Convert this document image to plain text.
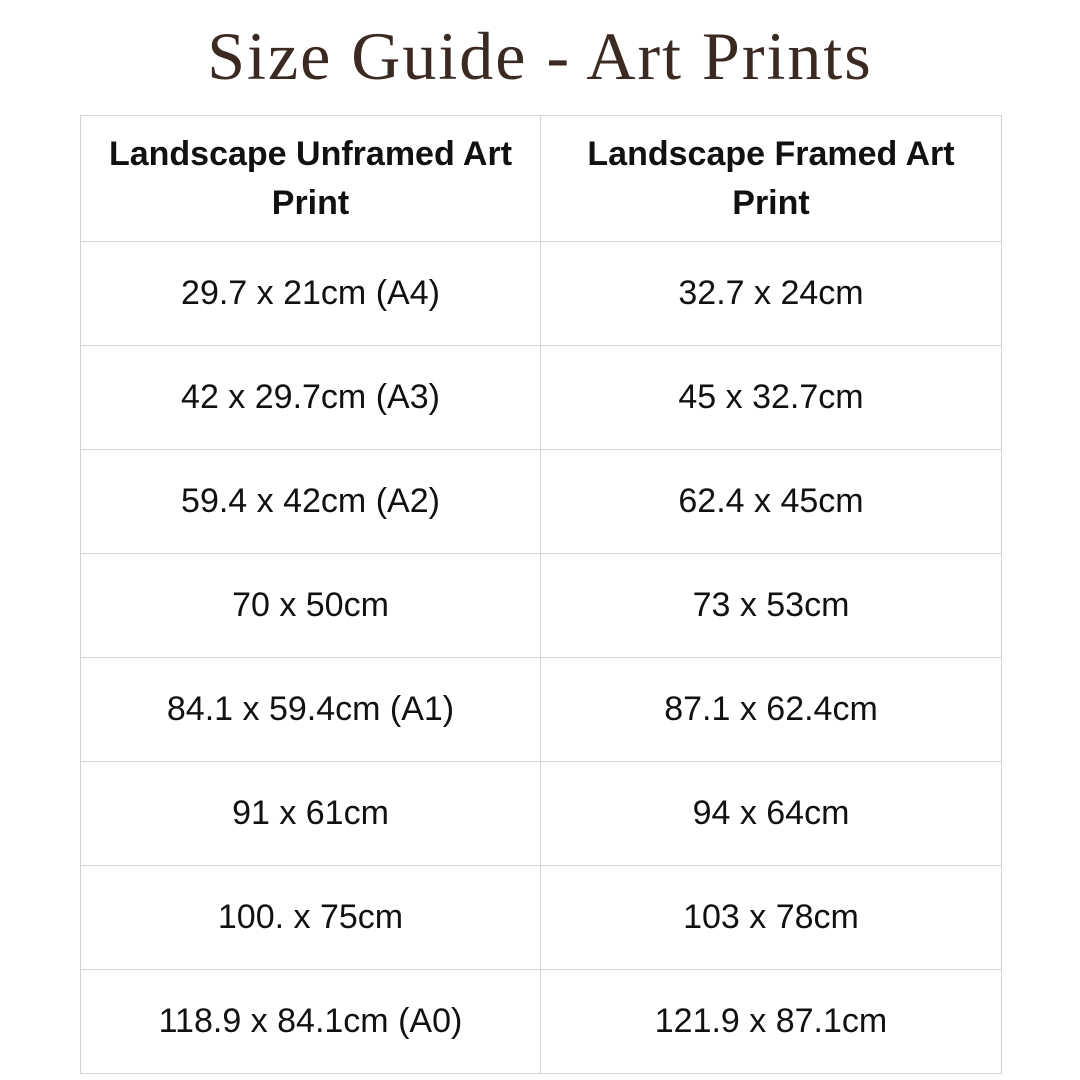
Size Guide - Art Prints
Landscape Unframed Art Print	Landscape Framed Art Print
29.7 x 21cm (A4)	32.7 x 24cm
42 x 29.7cm (A3)	45 x 32.7cm
59.4 x 42cm (A2)	62.4 x 45cm
70 x 50cm	73 x 53cm
84.1 x 59.4cm (A1)	87.1 x 62.4cm
91 x 61cm	94 x 64cm
100. x 75cm	103 x 78cm
118.9 x 84.1cm (A0)	121.9 x 87.1cm
